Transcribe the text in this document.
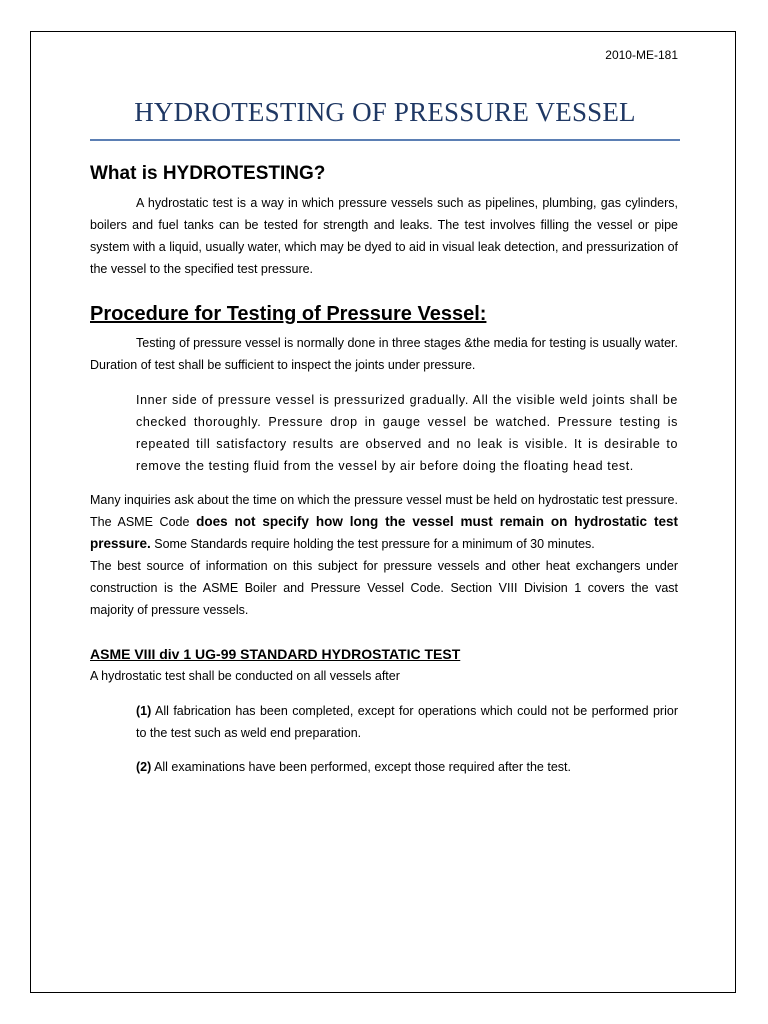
2010-ME-181
HYDROTESTING OF PRESSURE VESSEL
What is HYDROTESTING?

A hydrostatic test is a way in which pressure vessels such as pipelines, plumbing, gas cylinders, boilers and fuel tanks can be tested for strength and leaks. The test involves filling the vessel or pipe system with a liquid, usually water, which may be dyed to aid in visual leak detection, and pressurization of the vessel to the specified test pressure.

Procedure for Testing of Pressure Vessel:

Testing of pressure vessel is normally done in three stages &the media for testing is usually water. Duration of test shall be sufficient to inspect the joints under pressure.

Inner side of pressure vessel is pressurized gradually. All the visible weld joints shall be checked thoroughly. Pressure drop in gauge vessel be watched. Pressure testing is repeated till satisfactory results are observed and no leak is visible. It is desirable to remove the testing fluid from the vessel by air before doing the floating head test.

Many inquiries ask about the time on which the pressure vessel must be held on hydrostatic test pressure. The ASME Code does not specify how long the vessel must remain on hydrostatic test pressure. Some Standards require holding the test pressure for a minimum of 30 minutes.

The best source of information on this subject for pressure vessels and other heat exchangers under construction is the ASME Boiler and Pressure Vessel Code. Section VIII Division 1 covers the vast majority of pressure vessels.

ASME VIII div 1 UG-99 STANDARD HYDROSTATIC TEST

A hydrostatic test shall be conducted on all vessels after

(1) All fabrication has been completed, except for operations which could not be performed prior to the test such as weld end preparation.

(2) All examinations have been performed, except those required after the test.
